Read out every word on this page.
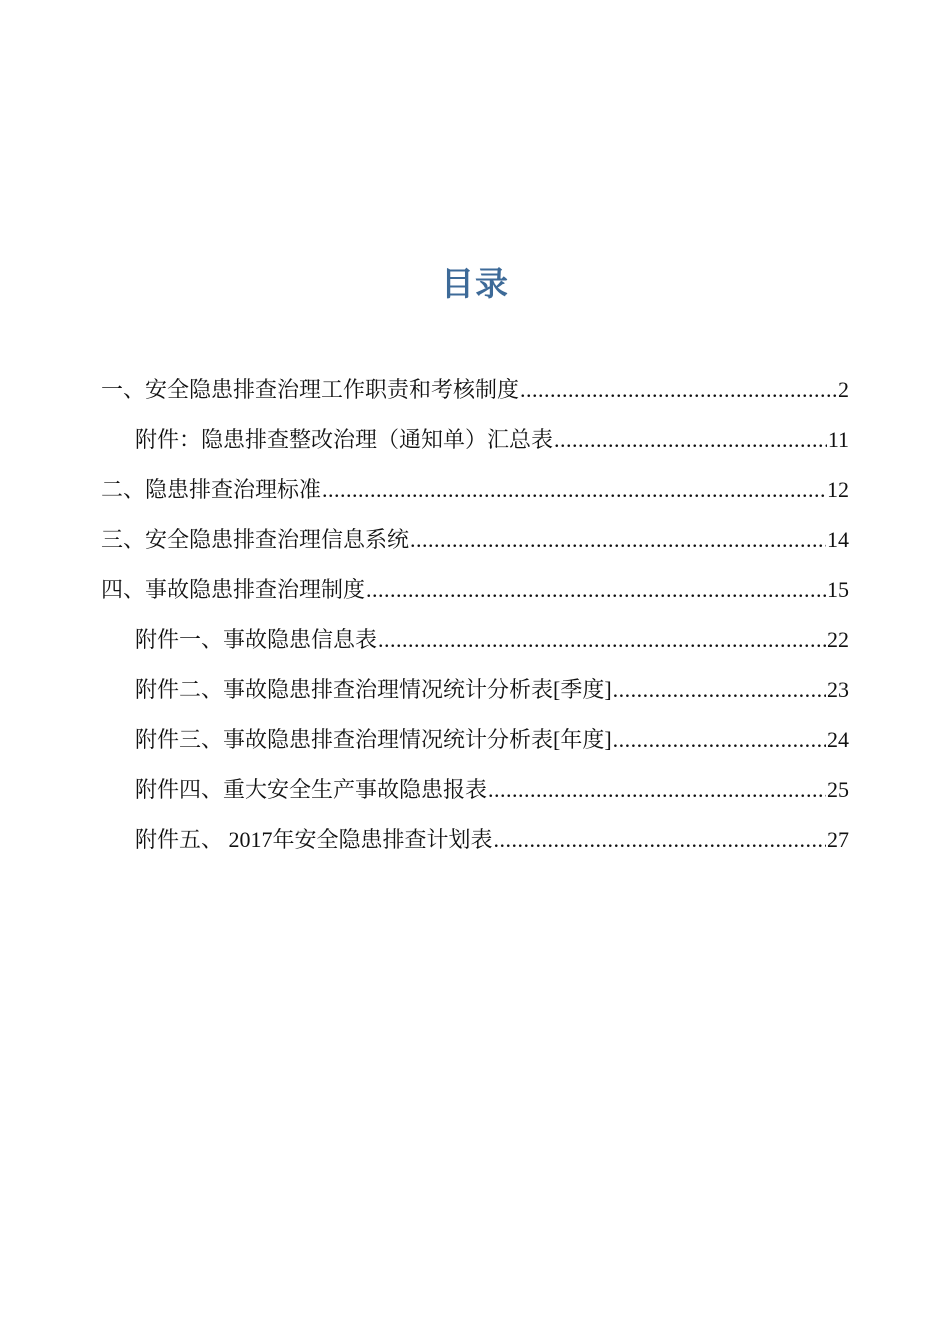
目录
一、安全隐患排查治理工作职责和考核制度 .....	2
附件：隐患排查整改治理（通知单）汇总表 .....	11
二、隐患排查治理标准 .....	12
三、安全隐患排查治理信息系统 .....	14
四、事故隐患排查治理制度 .....	15
附件一、事故隐患信息表 .....	22
附件二、事故隐患排查治理情况统计分析表[季度] .....	23
附件三、事故隐患排查治理情况统计分析表[年度] .....	24
附件四、重大安全生产事故隐患报表 .....	25
附件五、 2017年安全隐患排查计划表 .....	27
